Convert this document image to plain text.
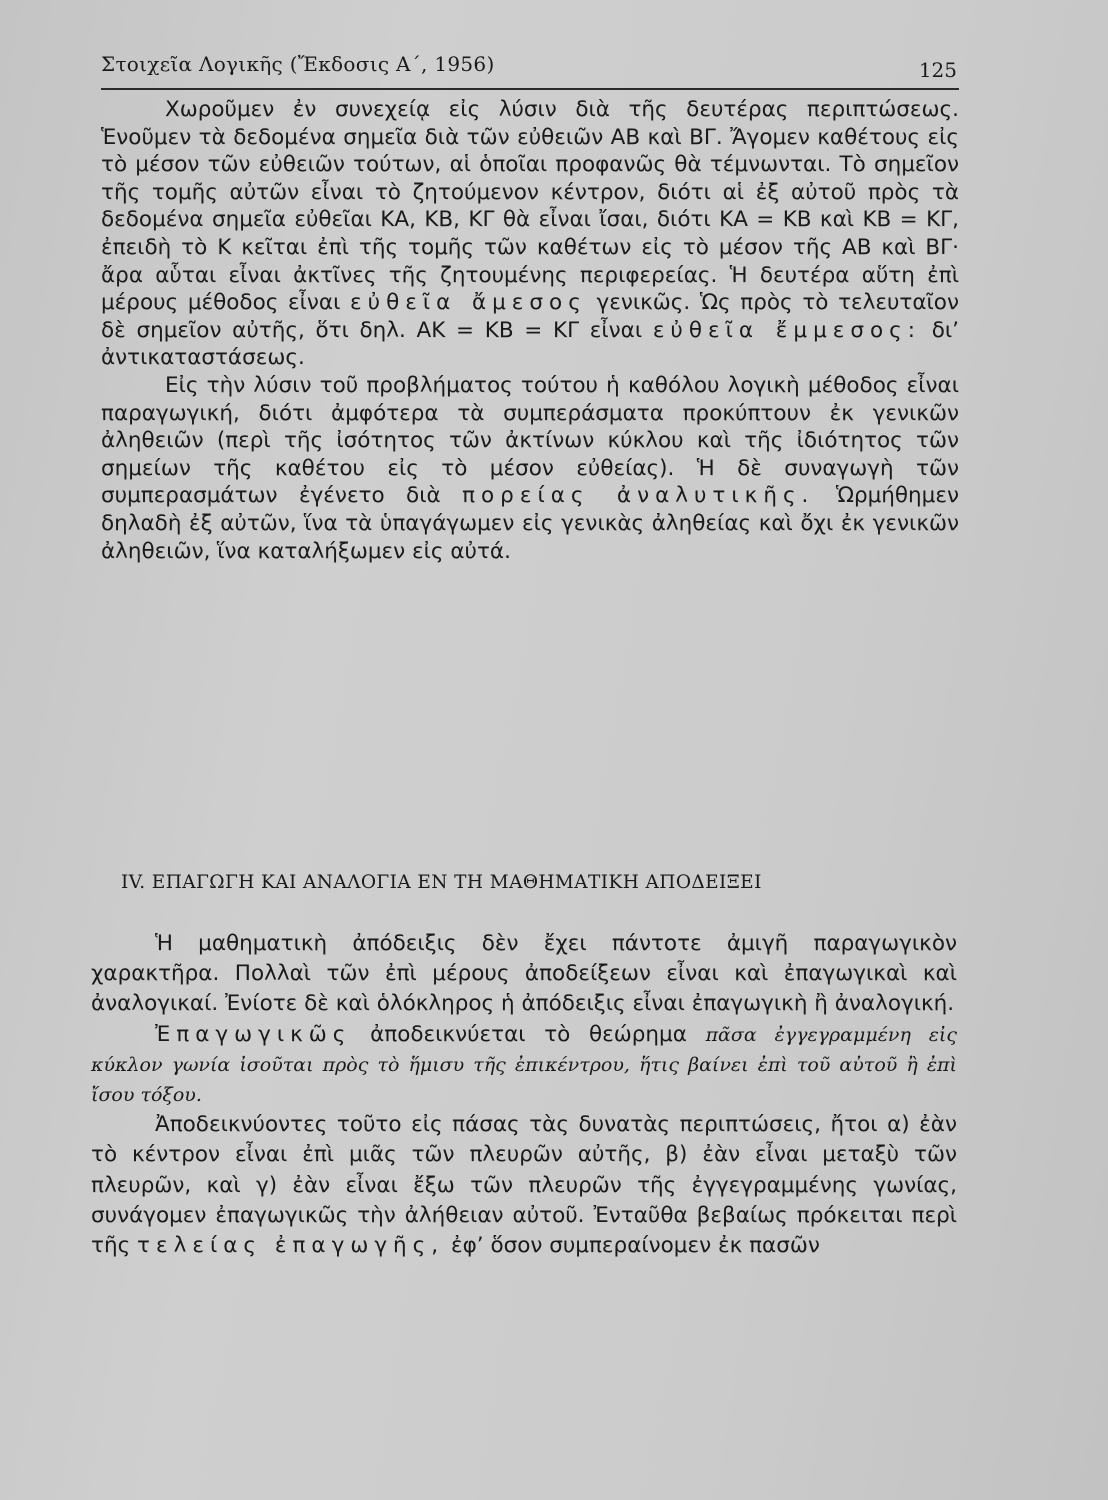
Στοιχεῖα Λογικῆς (Ἔκδοσις Α΄, 1956)	125

Χωροῦμεν ἐν συνεχείᾳ εἰς λύσιν διὰ τῆς δευτέρας περιπτώσεως. Ἑνοῦμεν τὰ δεδομένα σημεῖα διὰ τῶν εὐθειῶν ΑΒ καὶ ΒΓ. Ἄγομεν καθέτους εἰς τὸ μέσον τῶν εὐθειῶν τούτων, αἱ ὁποῖαι προφανῶς θὰ τέμνωνται. Τὸ σημεῖον τῆς τομῆς αὐτῶν εἶναι τὸ ζητούμενον κέντρον, διότι αἱ ἐξ αὐτοῦ πρὸς τὰ δεδομένα σημεῖα εὐθεῖαι ΚΑ, ΚΒ, ΚΓ θὰ εἶναι ἴσαι, διότι ΚΑ = ΚΒ καὶ ΚΒ = ΚΓ, ἐπειδὴ τὸ Κ κεῖται ἐπὶ τῆς τομῆς τῶν καθέτων εἰς τὸ μέσον τῆς ΑΒ καὶ ΒΓ· ἄρα αὗται εἶναι ἀκτῖνες τῆς ζητουμένης περιφερείας. Ἡ δευτέρα αὕτη ἐπὶ μέρους μέθοδος εἶναι εὐθεῖα ἄμεσος γενικῶς. Ὡς πρὸς τὸ τελευταῖον δὲ σημεῖον αὐτῆς, ὅτι δηλ. ΑΚ = ΚΒ = ΚΓ εἶναι εὐθεῖα ἔμμεσος: δι’ ἀντικαταστάσεως.

Εἰς τὴν λύσιν τοῦ προβλήματος τούτου ἡ καθόλου λογικὴ μέθοδος εἶναι παραγωγική, διότι ἀμφότερα τὰ συμπεράσματα προκύπτουν ἐκ γενικῶν ἀληθειῶν (περὶ τῆς ἰσότητος τῶν ἀκτίνων κύκλου καὶ τῆς ἰδιότητος τῶν σημείων τῆς καθέτου εἰς τὸ μέσον εὐθείας). Ἡ δὲ συναγωγὴ τῶν συμπερασμάτων ἐγένετο διὰ πορείας ἀναλυτικῆς. Ὡρμήθημεν δηλαδὴ ἐξ αὐτῶν, ἵνα τὰ ὑπαγάγωμεν εἰς γενικὰς ἀληθείας καὶ ὄχι ἐκ γενικῶν ἀληθειῶν, ἵνα καταλήξωμεν εἰς αὐτά.

IV. ΕΠΑΓΩΓΗ ΚΑΙ ΑΝΑΛΟΓΙΑ ΕΝ ΤΗ ΜΑΘΗΜΑΤΙΚΗ ΑΠΟΔΕΙΞΕΙ

Ἡ μαθηματικὴ ἀπόδειξις δὲν ἔχει πάντοτε ἀμιγῆ παραγωγικὸν χαρακτῆρα. Πολλαὶ τῶν ἐπὶ μέρους ἀποδείξεων εἶναι καὶ ἐπαγωγικαὶ καὶ ἀναλογικαί. Ἐνίοτε δὲ καὶ ὁλόκληρος ἡ ἀπόδειξις εἶναι ἐπαγωγικὴ ἢ ἀναλογική.

Ἐπαγωγικῶς ἀποδεικνύεται τὸ θεώρημα πᾶσα ἐγγεγραμμένη εἰς κύκλον γωνία ἰσοῦται πρὸς τὸ ἥμισυ τῆς ἐπικέντρου, ἥτις βαίνει ἐπὶ τοῦ αὐτοῦ ἢ ἐπὶ ἴσου τόξου.

Ἀποδεικνύοντες τοῦτο εἰς πάσας τὰς δυνατὰς περιπτώσεις, ἤτοι α) ἐὰν τὸ κέντρον εἶναι ἐπὶ μιᾶς τῶν πλευρῶν αὐτῆς, β) ἐὰν εἶναι μεταξὺ τῶν πλευρῶν, καὶ γ) ἐὰν εἶναι ἔξω τῶν πλευρῶν τῆς ἐγγεγραμμένης γωνίας, συνάγομεν ἐπαγωγικῶς τὴν ἀλήθειαν αὐτοῦ. Ἐνταῦθα βεβαίως πρόκειται περὶ τῆς τελείας ἐπαγωγῆς, ἐφ’ ὅσον συμπεραίνομεν ἐκ πασῶν
